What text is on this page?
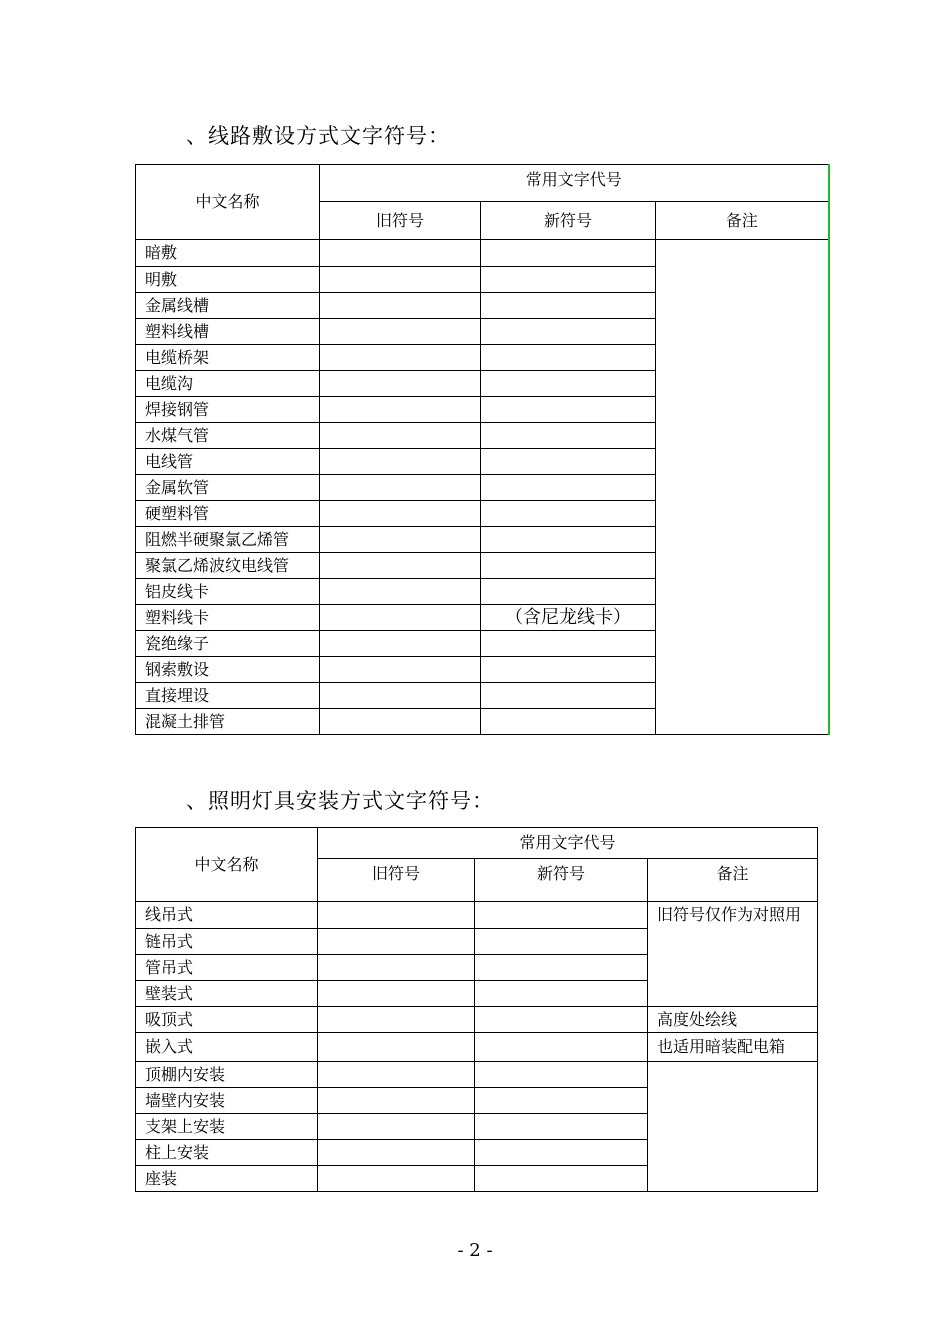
、线路敷设方式文字符号：
中文名称	常用文字代号		
	旧符号	新符号	备注
暗敷			
明敷			
金属线槽			
塑料线槽			
电缆桥架			
电缆沟			
焊接钢管			
水煤气管			
电线管			
金属软管			
硬塑料管			
阻燃半硬聚氯乙烯管			
聚氯乙烯波纹电线管			
铝皮线卡			
塑料线卡		（含尼龙线卡）	
瓷绝缘子			
钢索敷设			
直接埋设			
混凝土排管			
、照明灯具安装方式文字符号：
中文名称	常用文字代号		
	旧符号	新符号	备注
线吊式			旧符号仅作为对照用
链吊式			
管吊式			
壁装式			
吸顶式			高度处绘线
嵌入式			也适用暗装配电箱
顶棚内安装			
墙壁内安装			
支架上安装			
柱上安装			
座装			
- 2 -
